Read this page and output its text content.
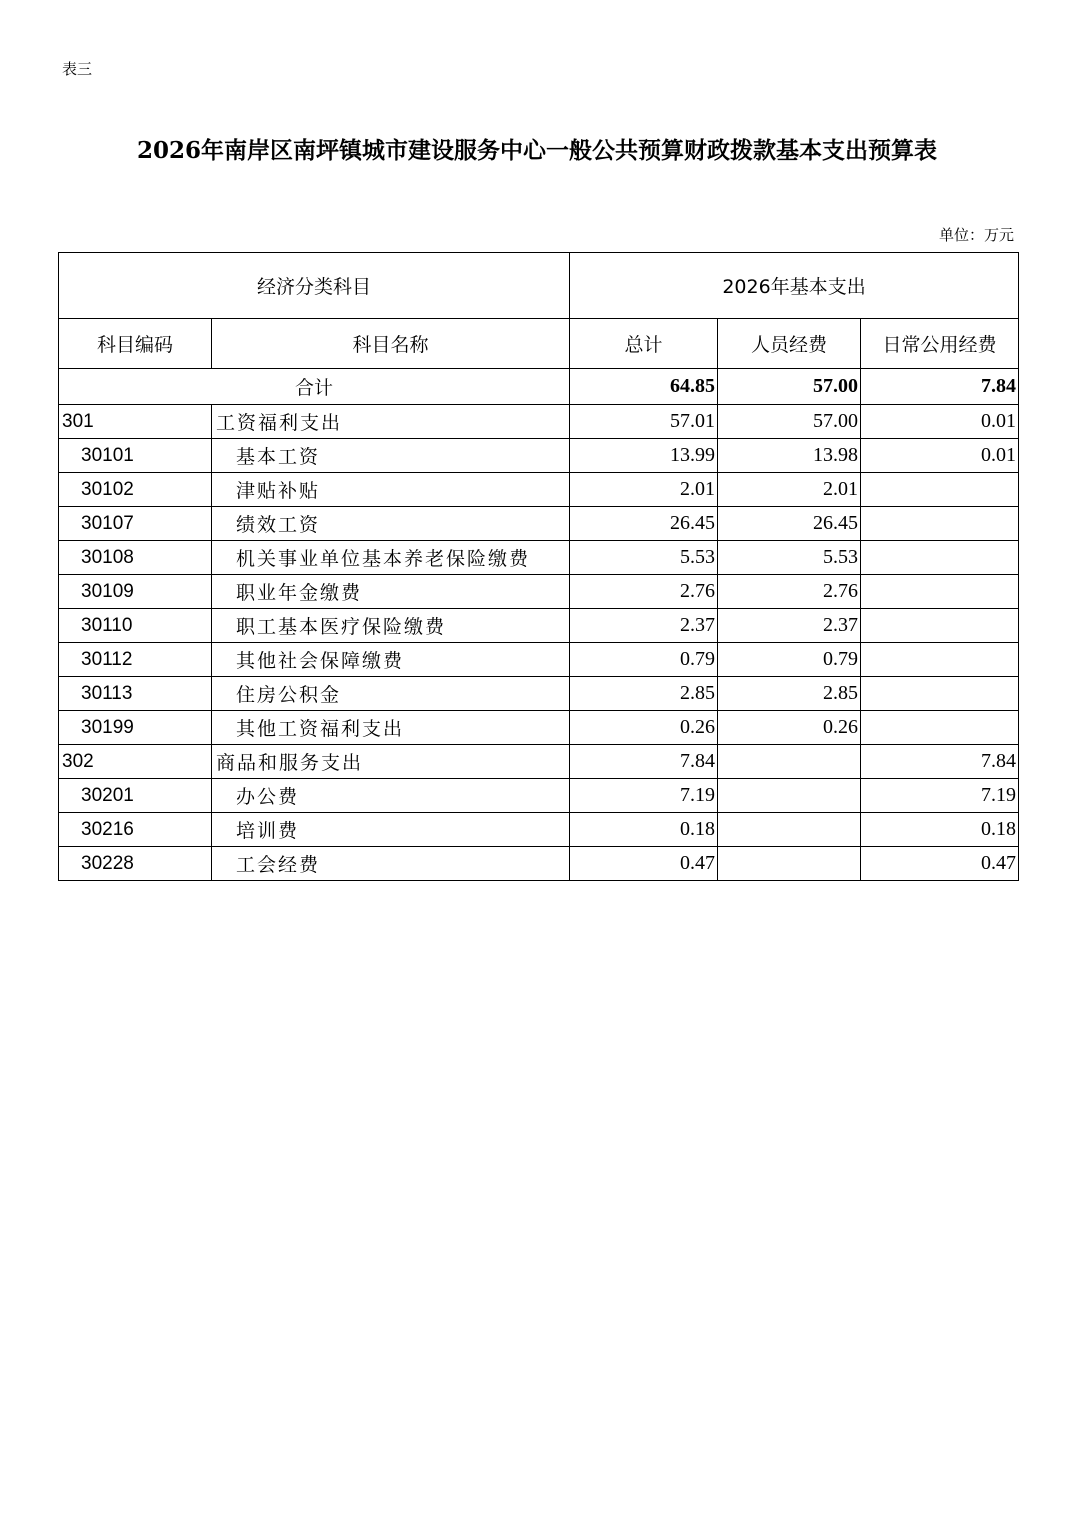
表三
2026年南岸区南坪镇城市建设服务中心一般公共预算财政拨款基本支出预算表
单位：万元
经济分类科目		2026年基本支出		
科目编码	科目名称	总计	人员经费	日常公用经费
合计		64.85	57.00	7.84
301	工资福利支出	57.01	57.00	0.01
30101	基本工资	13.99	13.98	0.01
30102	津贴补贴	2.01	2.01	
30107	绩效工资	26.45	26.45	
30108	机关事业单位基本养老保险缴费	5.53	5.53	
30109	职业年金缴费	2.76	2.76	
30110	职工基本医疗保险缴费	2.37	2.37	
30112	其他社会保障缴费	0.79	0.79	
30113	住房公积金	2.85	2.85	
30199	其他工资福利支出	0.26	0.26	
302	商品和服务支出	7.84		7.84
30201	办公费	7.19		7.19
30216	培训费	0.18		0.18
30228	工会经费	0.47		0.47
